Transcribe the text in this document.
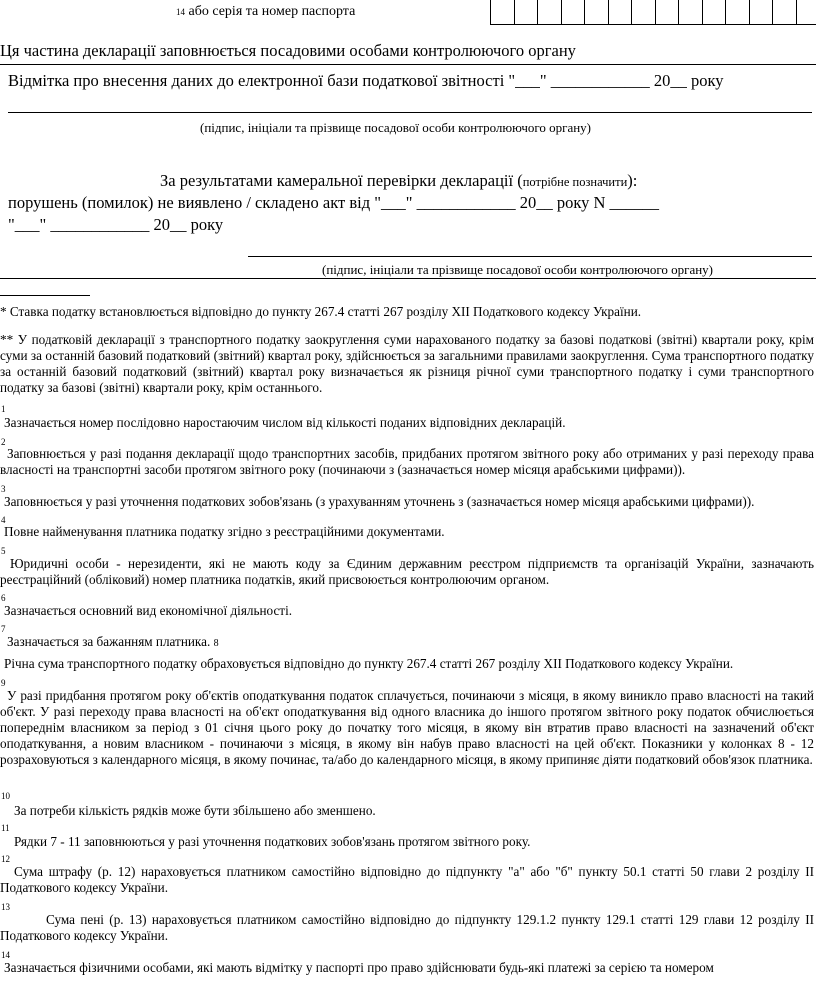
14 або серія та номер паспорта
Ця частина декларації заповнюється посадовими особами контролюючого органу
Відмітка про внесення даних до електронної бази податкової звітності "___" ____________ 20__ року
(підпис, ініціали та прізвище посадової особи контролюючого органу)
За результатами камеральної перевірки декларації (потрібне позначити):
порушень (помилок) не виявлено / складено акт від "___" ____________ 20__ року N ______
"___" ____________ 20__ року
(підпис, ініціали та прізвище посадової особи контролюючого органу)
* Ставка податку встановлюється відповідно до пункту 267.4 статті 267 розділу XII Податкового кодексу України.
** У податковій декларації з транспортного податку заокруглення суми нарахованого податку за базові податкові (звітні) квартали року, крім суми за останній базовий податковий (звітний) квартал року, здійснюється за загальними правилами заокруглення. Сума транспортного податку за останній базовий податковий (звітний) квартал року визначається як різниця річної суми транспортного податку і суми транспортного податку за базові (звітні) квартали року, крім останнього.
1
Зазначається номер послідовно наростаючим числом від кількості поданих відповідних декларацій.
2
Заповнюється у разі подання декларації щодо транспортних засобів, придбаних протягом звітного року або отриманих у разі переходу права власності на транспортні засоби протягом звітного року (починаючи з (зазначається номер місяця арабськими цифрами)).
3
Заповнюється у разі уточнення податкових зобов'язань (з урахуванням уточнень з (зазначається номер місяця арабськими цифрами)).
4
Повне найменування платника податку згідно з реєстраційними документами.
5
Юридичні особи - нерезиденти, які не мають коду за Єдиним державним реєстром підприємств та організацій України, зазначають реєстраційний (обліковий) номер платника податків, який присвоюється контролюючим органом.
6
Зазначається основний вид економічної діяльності.
7
Зазначається за бажанням платника. 8
Річна сума транспортного податку обраховується відповідно до пункту 267.4 статті 267 розділу XII Податкового кодексу України.
9
У разі придбання протягом року об'єктів оподаткування податок сплачується, починаючи з місяця, в якому виникло право власності на такий об'єкт. У разі переходу права власності на об'єкт оподаткування від одного власника до іншого протягом звітного року податок обчислюється попереднім власником за період з 01 січня цього року до початку того місяця, в якому він втратив право власності на зазначений об'єкт оподаткування, а новим власником - починаючи з місяця, в якому він набув право власності на цей об'єкт. Показники у колонках 8 - 12 розраховуються з календарного місяця, в якому починає, та/або до календарного місяця, в якому припиняє діяти податковий обов'язок платника.
10
За потреби кількість рядків може бути збільшено або зменшено.
11
Рядки 7 - 11 заповнюються у разі уточнення податкових зобов'язань протягом звітного року.
12
Сума штрафу (р. 12) нараховується платником самостійно відповідно до підпункту "а" або "б" пункту 50.1 статті 50 глави 2 розділу II Податкового кодексу України.
13
Сума пені (р. 13) нараховується платником самостійно відповідно до підпункту 129.1.2 пункту 129.1 статті 129 глави 12 розділу II Податкового кодексу України.
14
Зазначається фізичними особами, які мають відмітку у паспорті про право здійснювати будь-які платежі за серією та номером
